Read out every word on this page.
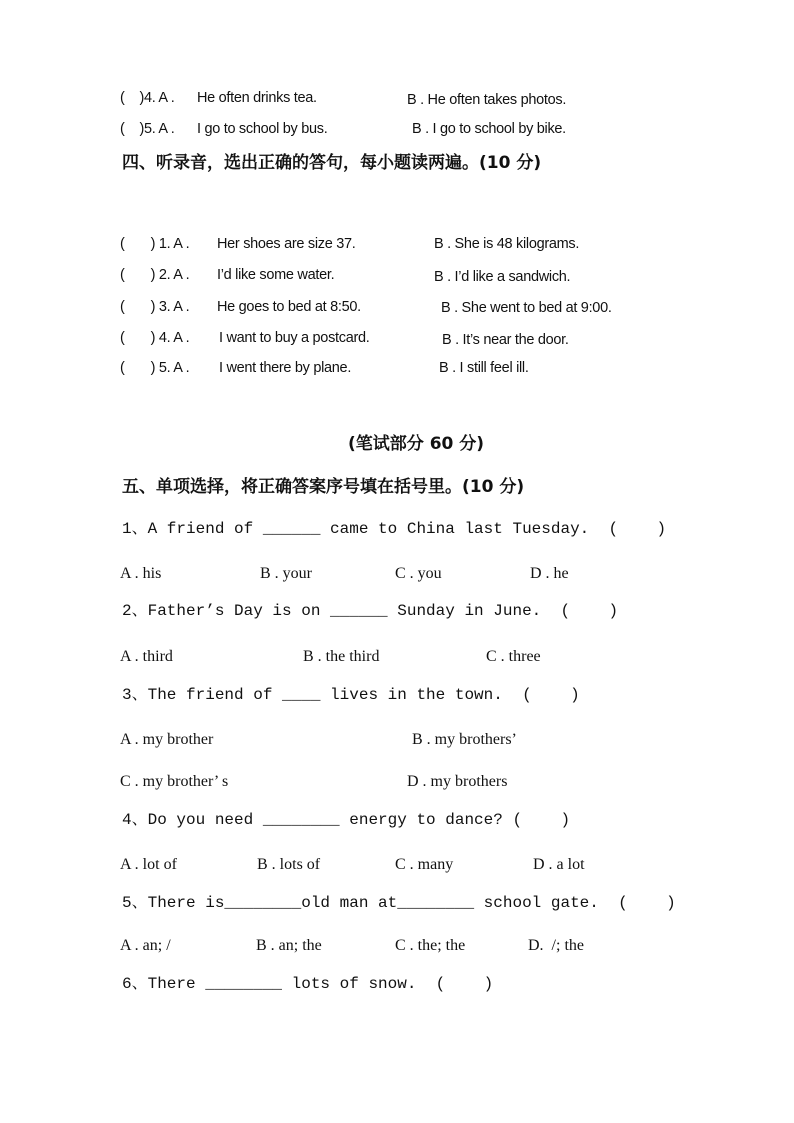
(    )4. A . He often drinks tea.	B . He often takes photos.
(    )5. A . I go to school by bus.	B . I go to school by bike.
四、听录音，选出正确的答句，每小题读两遍。(10 分)
(       ) 1. A . Her shoes are size 37.	B . She is 48 kilograms.
(       ) 2. A . I’d like some water.	B . I’d like a sandwich.
(       ) 3. A . He goes to bed at 8:50.	B . She went to bed at 9:00.
(       ) 4. A . I want to buy a postcard.	B . It’s near the door.
(       ) 5. A . I went there by plane.	B . I still feel ill.
(笔试部分 60 分)
五、单项选择，将正确答案序号填在括号里。(10 分)
1、A friend of ______ came to China last Tuesday.  (    )
A . his	B . your	C . you	D . he
2、Father’s Day is on ______ Sunday in June.  (    )
A . third	B . the third	C . three
3、The friend of ____ lives in the town.  (    )
A . my brother	B . my brothers’
C . my brother’ s	D . my brothers
4、Do you need ________ energy to dance? (    )
A . lot of	B . lots of	C . many	D . a lot
5、There is________old man at________ school gate.  (    )
A . an; /	B . an; the	C . the; the	D.  /; the
6、There ________ lots of snow.  (    )
